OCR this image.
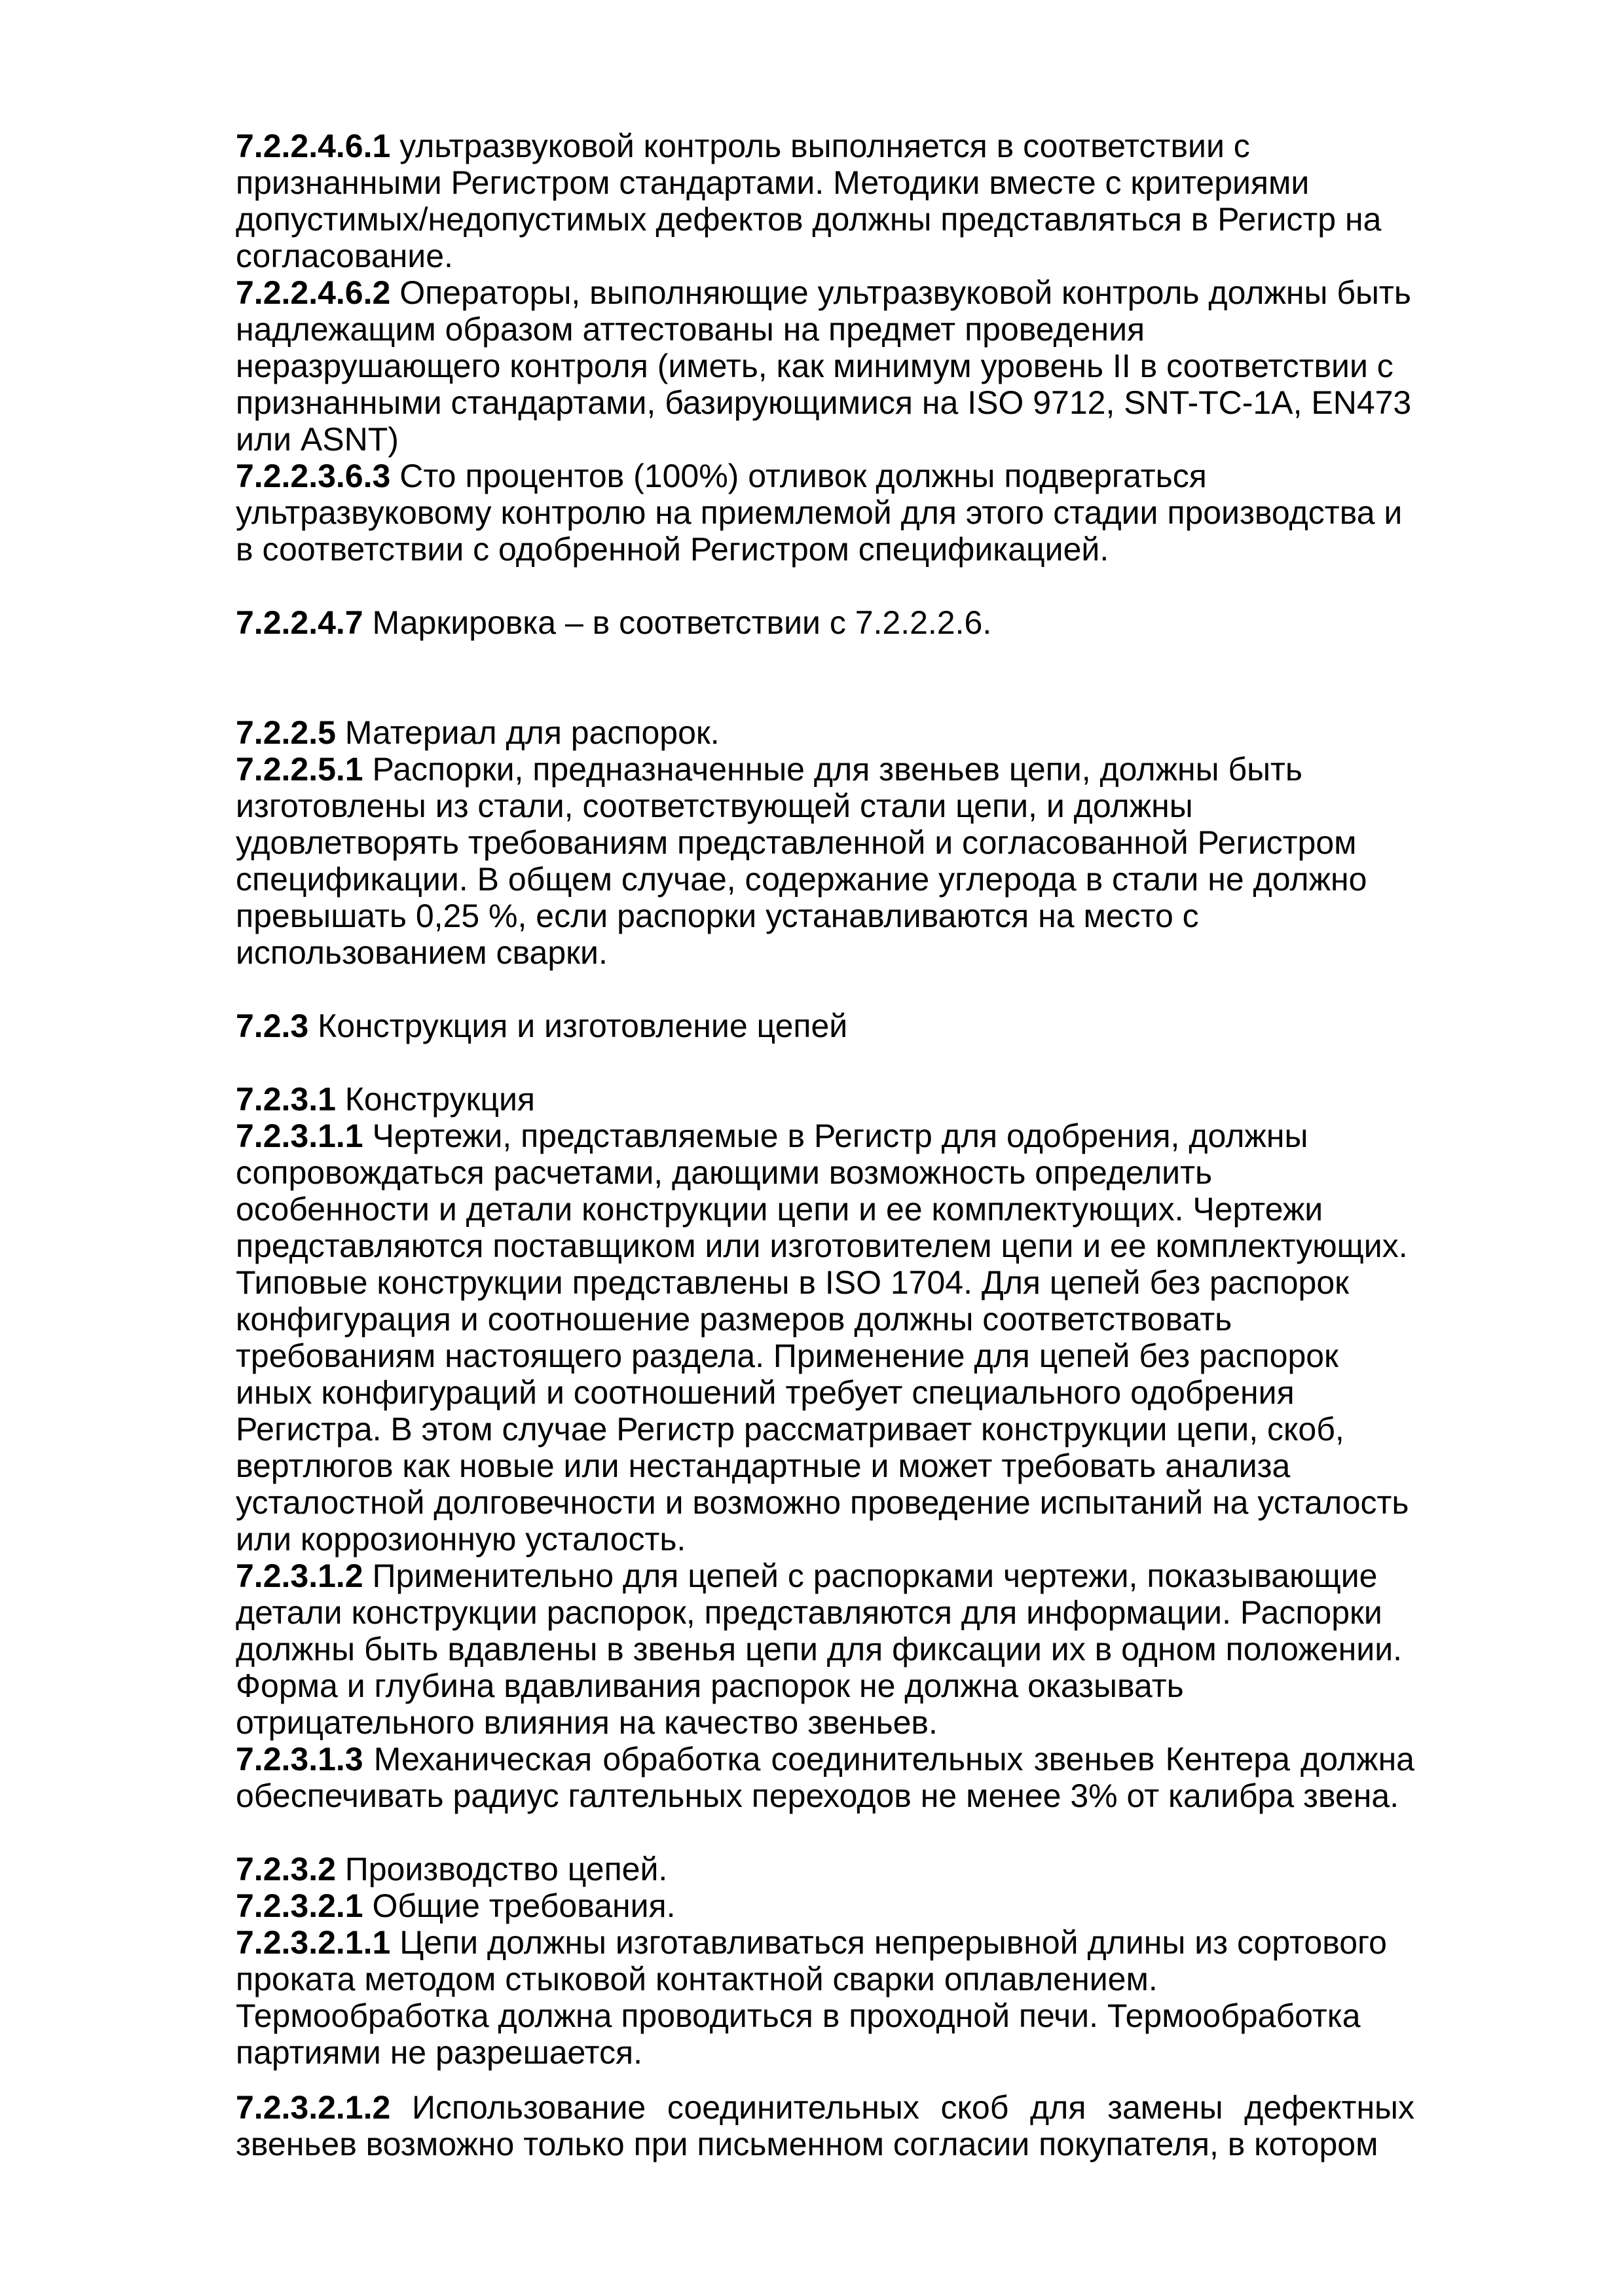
7.2.2.4.6.1 ультразвуковой контроль выполняется в соответствии с признанными Регистром стандартами. Методики вместе с критериями допустимых/недопустимых дефектов должны представляться в Регистр на согласование.

7.2.2.4.6.2 Операторы, выполняющие ультразвуковой контроль должны быть надлежащим образом аттестованы на предмет проведения неразрушающего контроля (иметь, как минимум уровень II в соответствии с признанными стандартами, базирующимися на ISO 9712, SNT-TC-1A, EN473 или ASNT)

7.2.2.3.6.3 Сто процентов (100%) отливок должны подвергаться ультразвуковому контролю на приемлемой для этого стадии производства и в соответствии с одобренной Регистром спецификацией.

7.2.2.4.7 Маркировка – в соответствии с 7.2.2.2.6.

7.2.2.5 Материал для распорок.

7.2.2.5.1 Распорки, предназначенные для звеньев цепи, должны быть изготовлены из стали, соответствующей стали цепи, и должны удовлетворять требованиям представленной и согласованной Регистром спецификации. В общем случае, содержание углерода в стали не должно превышать 0,25 %, если распорки устанавливаются на место с использованием сварки.

7.2.3 Конструкция и изготовление цепей

7.2.3.1 Конструкция

7.2.3.1.1 Чертежи, представляемые в Регистр для одобрения, должны сопровождаться расчетами, дающими возможность определить особенности и детали конструкции цепи и ее комплектующих. Чертежи представляются поставщиком или изготовителем цепи и ее комплектующих. Типовые конструкции представлены в ISO 1704. Для цепей без распорок конфигурация и соотношение размеров должны соответствовать требованиям настоящего раздела. Применение для цепей без распорок иных конфигураций и соотношений требует специального одобрения Регистра. В этом случае Регистр рассматривает конструкции цепи, скоб, вертлюгов как новые или нестандартные и может требовать анализа усталостной долговечности и возможно проведение испытаний на усталость или коррозионную усталость.

7.2.3.1.2 Применительно для цепей с распорками чертежи, показывающие детали конструкции распорок, представляются для информации. Распорки должны быть вдавлены в звенья цепи для фиксации их в одном положении. Форма и глубина вдавливания распорок не должна оказывать отрицательного влияния на качество звеньев.

7.2.3.1.3 Механическая обработка соединительных звеньев Кентера должна обеспечивать радиус галтельных переходов не менее 3% от калибра звена.

7.2.3.2 Производство цепей.

7.2.3.2.1 Общие требования.

7.2.3.2.1.1 Цепи должны изготавливаться непрерывной длины из сортового проката методом стыковой контактной сварки оплавлением. Термообработка должна проводиться в проходной печи. Термообработка партиями не разрешается.

7.2.3.2.1.2 Использование соединительных скоб для замены дефектных звеньев возможно только при письменном согласии покупателя, в котором
